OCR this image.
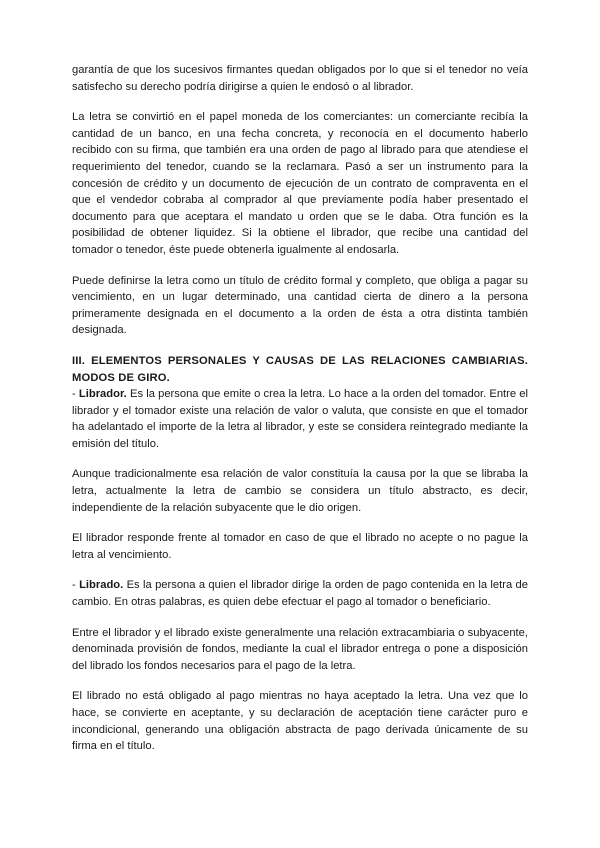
garantía de que los sucesivos firmantes quedan obligados por lo que si el tenedor no veía satisfecho su derecho podría dirigirse a quien le endosó o al librador.

La letra se convirtió en el papel moneda de los comerciantes: un comerciante recibía la cantidad de un banco, en una fecha concreta, y reconocía en el documento haberlo recibido con su firma, que también era una orden de pago al librado para que atendiese el requerimiento del tenedor, cuando se la reclamara. Pasó a ser un instrumento para la concesión de crédito y un documento de ejecución de un contrato de compraventa en el que el vendedor cobraba al comprador al que previamente podía haber presentado el documento para que aceptara el mandato u orden que se le daba. Otra función es la posibilidad de obtener liquidez. Si la obtiene el librador, que recibe una cantidad del tomador o tenedor, éste puede obtenerla igualmente al endosarla.

Puede definirse la letra como un título de crédito formal y completo, que obliga a pagar su vencimiento, en un lugar determinado, una cantidad cierta de dinero a la persona primeramente designada en el documento a la orden de ésta a otra distinta también designada.

III. ELEMENTOS PERSONALES Y CAUSAS DE LAS RELACIONES CAMBIARIAS. MODOS DE GIRO.

- Librador. Es la persona que emite o crea la letra. Lo hace a la orden del tomador. Entre el librador y el tomador existe una relación de valor o valuta, que consiste en que el tomador ha adelantado el importe de la letra al librador, y este se considera reintegrado mediante la emisión del título.

Aunque tradicionalmente esa relación de valor constituía la causa por la que se libraba la letra, actualmente la letra de cambio se considera un título abstracto, es decir, independiente de la relación subyacente que le dio origen.

El librador responde frente al tomador en caso de que el librado no acepte o no pague la letra al vencimiento.

- Librado. Es la persona a quien el librador dirige la orden de pago contenida en la letra de cambio. En otras palabras, es quien debe efectuar el pago al tomador o beneficiario.

Entre el librador y el librado existe generalmente una relación extracambiaria o subyacente, denominada provisión de fondos, mediante la cual el librador entrega o pone a disposición del librado los fondos necesarios para el pago de la letra.

El librado no está obligado al pago mientras no haya aceptado la letra. Una vez que lo hace, se convierte en aceptante, y su declaración de aceptación tiene carácter puro e incondicional, generando una obligación abstracta de pago derivada únicamente de su firma en el título.
